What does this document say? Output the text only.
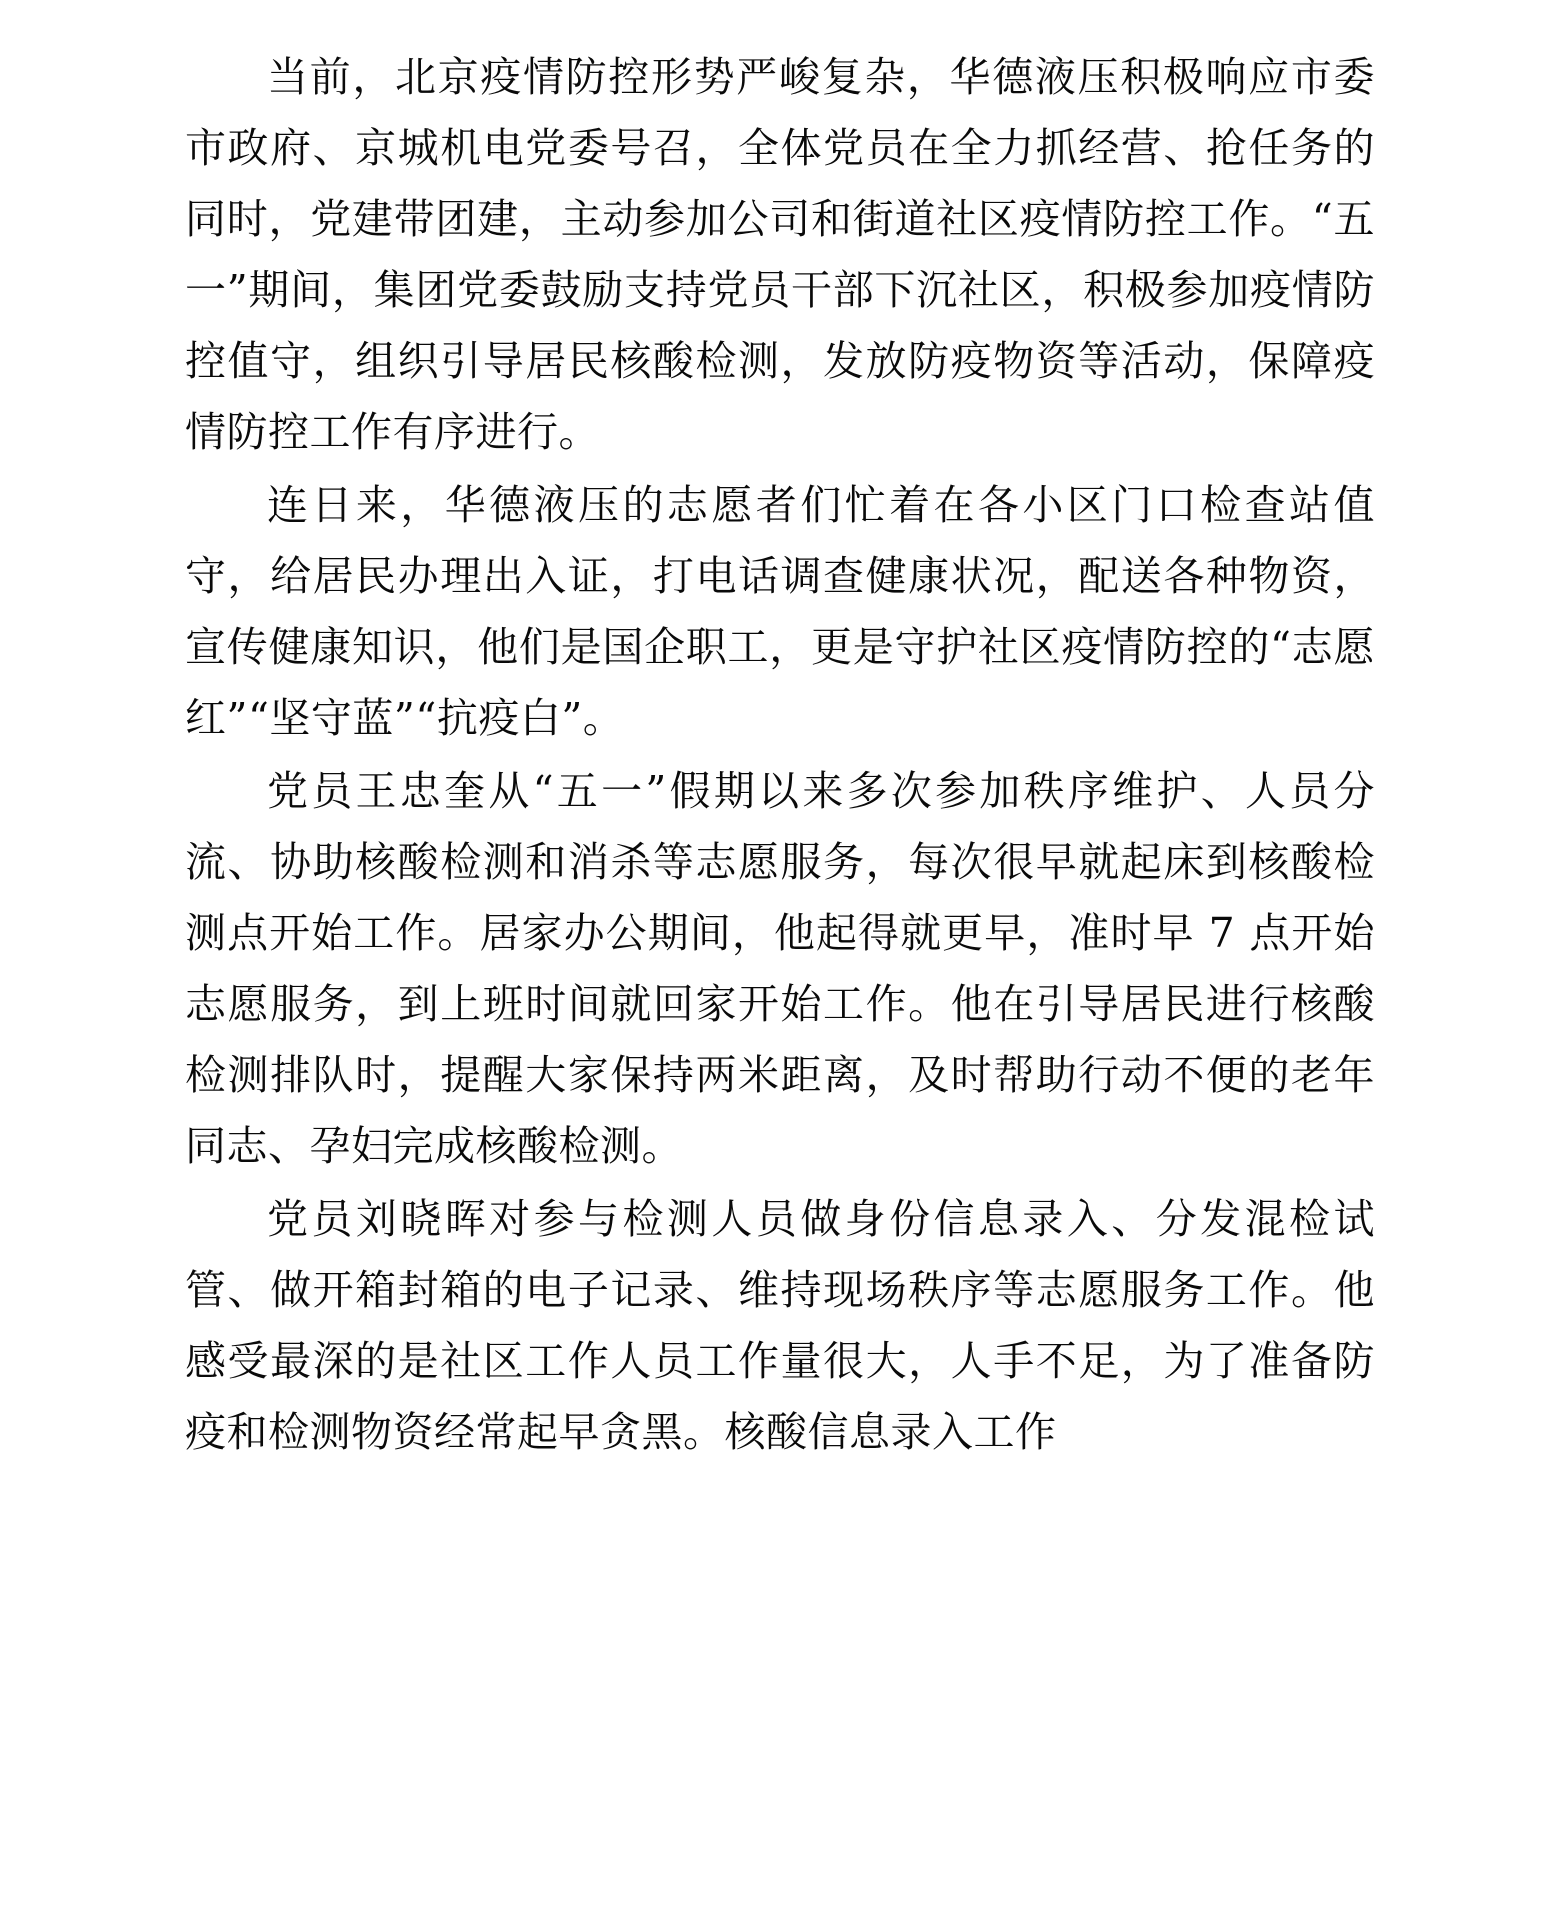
当前，北京疫情防控形势严峻复杂，华德液压积极响应市委市政府、京城机电党委号召，全体党员在全力抓经营、抢任务的同时，党建带团建，主动参加公司和街道社区疫情防控工作。“五一”期间，集团党委鼓励支持党员干部下沉社区，积极参加疫情防控值守，组织引导居民核酸检测，发放防疫物资等活动，保障疫情防控工作有序进行。

连日来，华德液压的志愿者们忙着在各小区门口检查站值守，给居民办理出入证，打电话调查健康状况，配送各种物资，宣传健康知识，他们是国企职工，更是守护社区疫情防控的“志愿红”“坚守蓝”“抗疫白”。

党员王忠奎从“五一”假期以来多次参加秩序维护、人员分流、协助核酸检测和消杀等志愿服务，每次很早就起床到核酸检测点开始工作。居家办公期间，他起得就更早，准时早 7 点开始志愿服务，到上班时间就回家开始工作。他在引导居民进行核酸检测排队时，提醒大家保持两米距离，及时帮助行动不便的老年同志、孕妇完成核酸检测。

党员刘晓晖对参与检测人员做身份信息录入、分发混检试管、做开箱封箱的电子记录、维持现场秩序等志愿服务工作。他感受最深的是社区工作人员工作量很大，人手不足，为了准备防疫和检测物资经常起早贪黑。核酸信息录入工作
